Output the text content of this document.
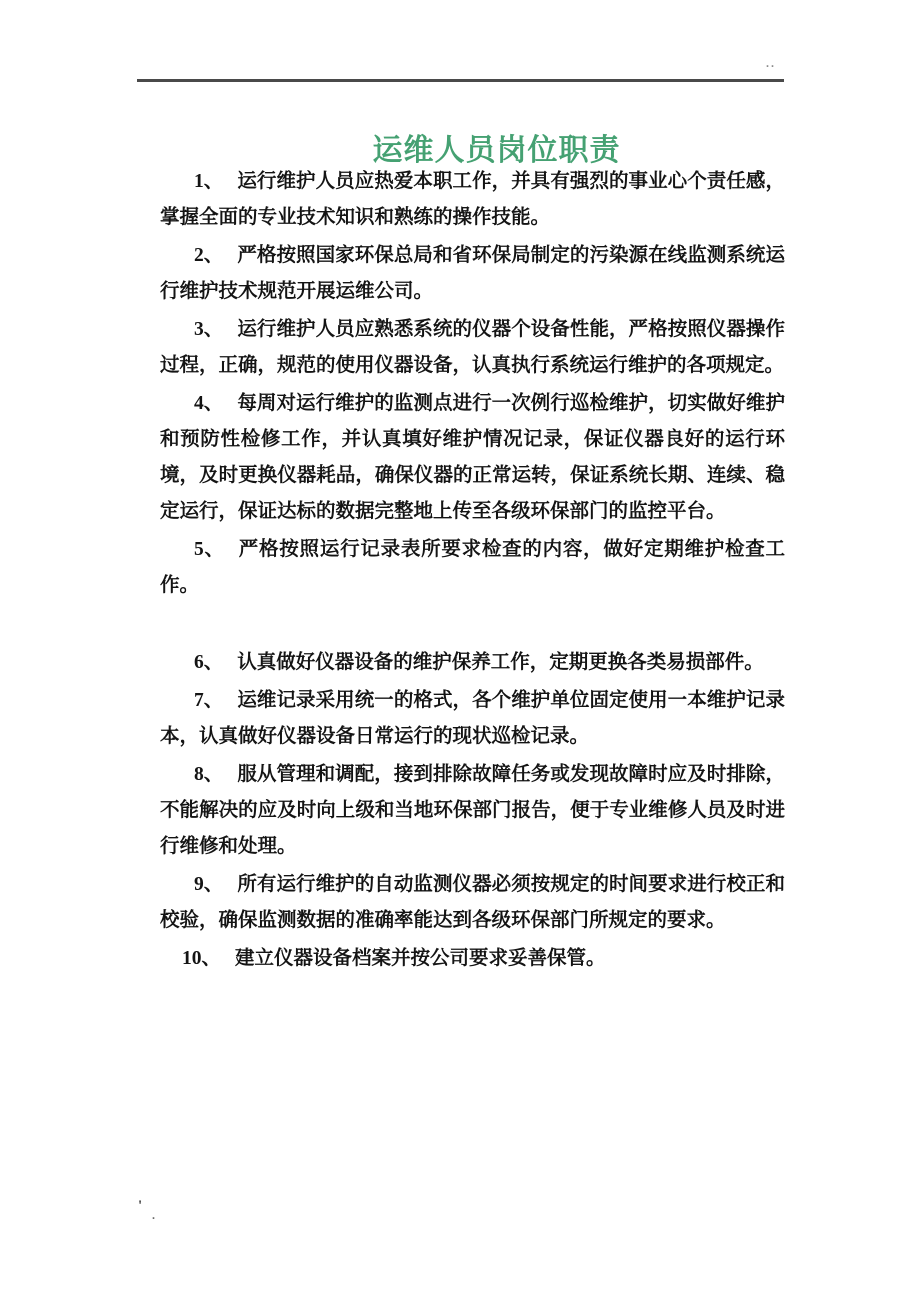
..
运维人员岗位职责

1、 运行维护人员应热爱本职工作，并具有强烈的事业心个责任感，掌握全面的专业技术知识和熟练的操作技能。

2、 严格按照国家环保总局和省环保局制定的污染源在线监测系统运行维护技术规范开展运维公司。

3、 运行维护人员应熟悉系统的仪器个设备性能，严格按照仪器操作过程，正确，规范的使用仪器设备，认真执行系统运行维护的各项规定。

4、 每周对运行维护的监测点进行一次例行巡检维护，切实做好维护和预防性检修工作，并认真填好维护情况记录，保证仪器良好的运行环境，及时更换仪器耗品，确保仪器的正常运转，保证系统长期、连续、稳定运行，保证达标的数据完整地上传至各级环保部门的监控平台。

5、 严格按照运行记录表所要求检查的内容，做好定期维护检查工作。

6、 认真做好仪器设备的维护保养工作，定期更换各类易损部件。

7、 运维记录采用统一的格式，各个维护单位固定使用一本维护记录本，认真做好仪器设备日常运行的现状巡检记录。

8、 服从管理和调配，接到排除故障任务或发现故障时应及时排除，不能解决的应及时向上级和当地环保部门报告，便于专业维修人员及时进行维修和处理。

9、 所有运行维护的自动监测仪器必须按规定的时间要求进行校正和校验，确保监测数据的准确率能达到各级环保部门所规定的要求。

10、 建立仪器设备档案并按公司要求妥善保管。

'
.
